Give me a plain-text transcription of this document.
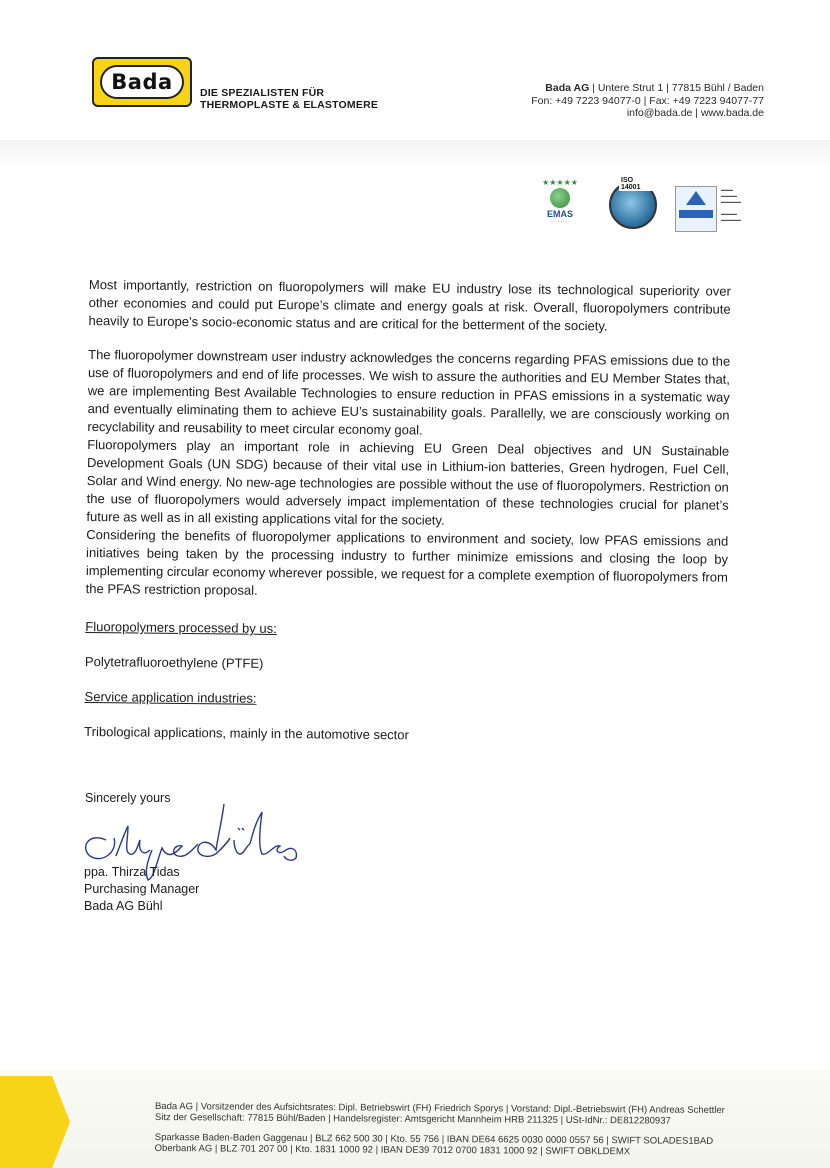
Bada	DIE SPEZIALISTEN FÜR
THERMOPLASTE & ELASTOMERE
Bada AG | Untere Strut 1 | 77815 Bühl / Baden
Fon: +49 7223 94077-0 | Fax: +49 7223 94077-77
info@bada.de | www.bada.de
★★★★★
EMAS
· · · · · · · ·
ISO 14001	▬▬▬
▬▬▬▬
▬▬▬▬▬

▬▬▬▬
▬▬▬▬▬

Most importantly, restriction on fluoropolymers will make EU industry lose its technological superiority over other economies and could put Europe’s climate and energy goals at risk. Overall, fluoropolymers contribute heavily to Europe’s socio-economic status and are critical for the betterment of the society.

The fluoropolymer downstream user industry acknowledges the concerns regarding PFAS emissions due to the use of fluoropolymers and end of life processes. We wish to assure the authorities and EU Member States that, we are implementing Best Available Technologies to ensure reduction in PFAS emissions in a systematic way and eventually eliminating them to achieve EU’s sustainability goals. Parallelly, we are consciously working on recyclability and reusability to meet circular economy goal.

Fluoropolymers play an important role in achieving EU Green Deal objectives and UN Sustainable Development Goals (UN SDG) because of their vital use in Lithium-ion batteries, Green hydrogen, Fuel Cell, Solar and Wind energy. No new-age technologies are possible without the use of fluoropolymers. Restriction on the use of fluoropolymers would adversely impact implementation of these technologies crucial for planet’s future as well as in all existing applications vital for the society.

Considering the benefits of fluoropolymer applications to environment and society, low PFAS emissions and initiatives being taken by the processing industry to further minimize emissions and closing the loop by implementing circular economy wherever possible, we request for a complete exemption of fluoropolymers from the PFAS restriction proposal.

Fluoropolymers processed by us:

Polytetrafluoroethylene (PTFE)

Service application industries:

Tribological applications, mainly in the automotive sector

Sincerely yours
ppa. Thirza Tidas
Purchasing Manager
Bada AG Bühl
Bada AG | Vorsitzender des Aufsichtsrates: Dipl. Betriebswirt (FH) Friedrich Sporys | Vorstand: Dipl.-Betriebswirt (FH) Andreas Schettler
Sitz der Gesellschaft: 77815 Bühl/Baden | Handelsregister: Amtsgericht Mannheim HRB 211325 | USt-IdNr.: DE812280937
Sparkasse Baden-Baden Gaggenau | BLZ 662 500 30 | Kto. 55 756 | IBAN DE64 6625 0030 0000 0557 56 | SWIFT SOLADES1BAD
Oberbank AG | BLZ 701 207 00 | Kto. 1831 1000 92 | IBAN DE39 7012 0700 1831 1000 92 | SWIFT OBKLDEMX
